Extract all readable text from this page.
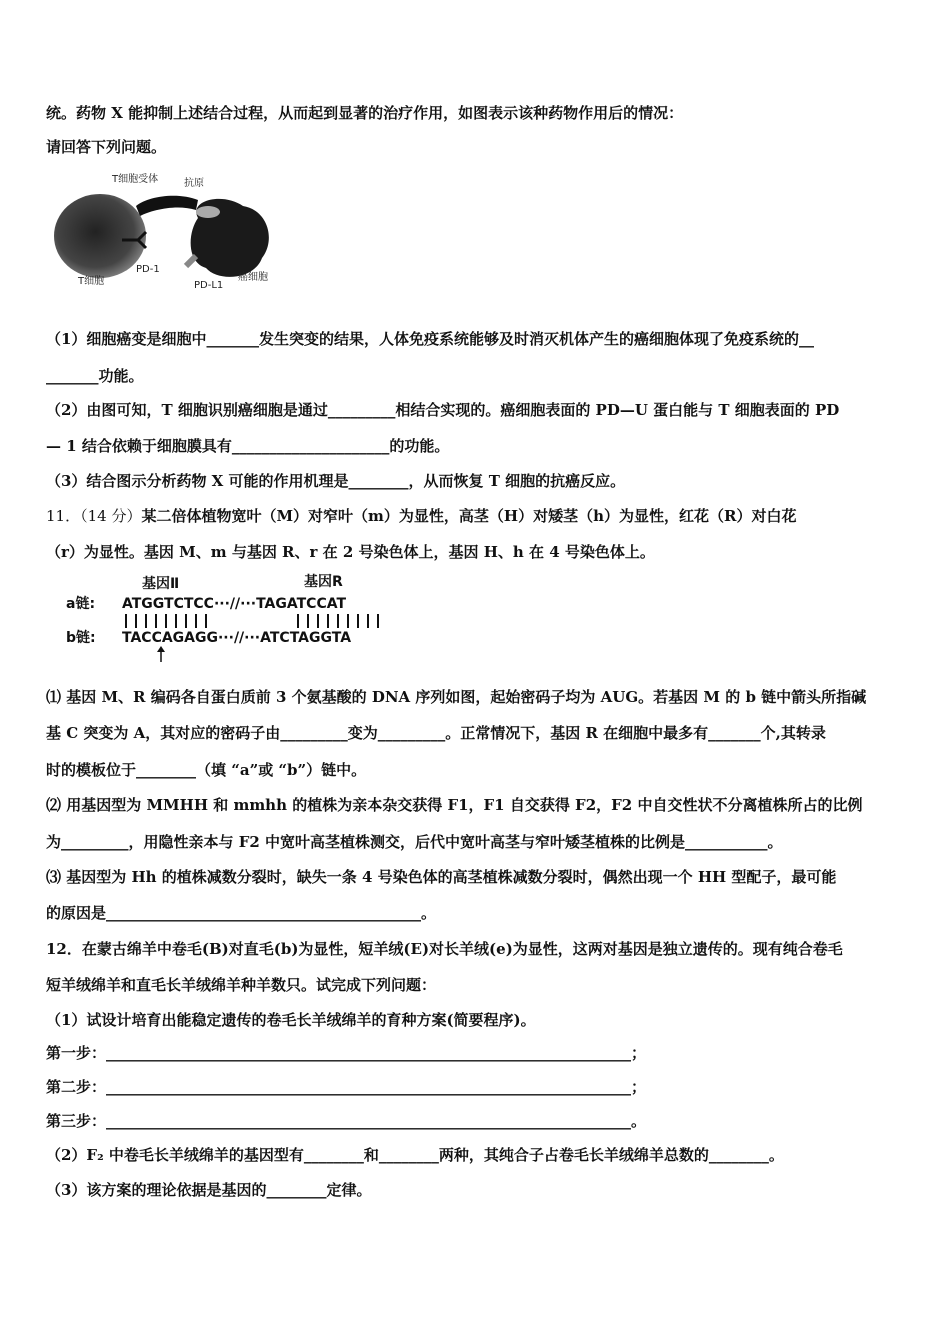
统。药物 X 能抑制上述结合过程，从而起到显著的治疗作用，如图表示该种药物作用后的情况：
请回答下列问题。
T细胞受体	抗原
T细胞
PD-1
PD-L1
癌细胞
（1）细胞癌变是细胞中_______发生突变的结果，人体免疫系统能够及时消灭机体产生的癌细胞体现了免疫系统的__
_______功能。
（2）由图可知，T 细胞识别癌细胞是通过_________相结合实现的。癌细胞表面的 PD—U 蛋白能与 T 细胞表面的 PD
— 1 结合依赖于细胞膜具有_____________________的功能。
（3）结合图示分析药物 X 可能的作用机理是________，从而恢复 T 细胞的抗癌反应。
11．（14 分）某二倍体植物宽叶（M）对窄叶（m）为显性，高茎（H）对矮茎（h）为显性，红花（R）对白花
（r）为显性。基因 M、m 与基因 R、r 在 2 号染色体上，基因 H、h 在 4 号染色体上。
基因Ⅱ	基因R
a链: ATGGTCTCC···//···TAGATCCAT
b链: TACCAGAGG···//···ATCTAGGTA
⑴ 基因 M、R 编码各自蛋白质前 3 个氨基酸的 DNA 序列如图，起始密码子均为 AUG。若基因 M 的 b 链中箭头所指碱
基 C 突变为 A，其对应的密码子由_________变为_________。正常情况下，基因 R 在细胞中最多有_______个,其转录
时的模板位于________（填 “a”或 “b”）链中。
⑵ 用基因型为 MMHH 和 mmhh 的植株为亲本杂交获得 F1，F1 自交获得 F2，F2 中自交性状不分离植株所占的比例
为_________，用隐性亲本与 F2 中宽叶高茎植株测交，后代中宽叶高茎与窄叶矮茎植株的比例是___________。
⑶ 基因型为 Hh 的植株减数分裂时，缺失一条 4 号染色体的高茎植株减数分裂时，偶然出现一个 HH 型配子，最可能
的原因是__________________________________________。
12．在蒙古绵羊中卷毛(B)对直毛(b)为显性，短羊绒(E)对长羊绒(e)为显性，这两对基因是独立遗传的。现有纯合卷毛
短羊绒绵羊和直毛长羊绒绵羊种羊数只。试完成下列问题：
（1）试设计培育出能稳定遗传的卷毛长羊绒绵羊的育种方案(简要程序)。
第一步：______________________________________________________________________；
第二步：______________________________________________________________________；
第三步：______________________________________________________________________。
（2）F₂ 中卷毛长羊绒绵羊的基因型有________和________两种，其纯合子占卷毛长羊绒绵羊总数的________。
（3）该方案的理论依据是基因的________定律。
